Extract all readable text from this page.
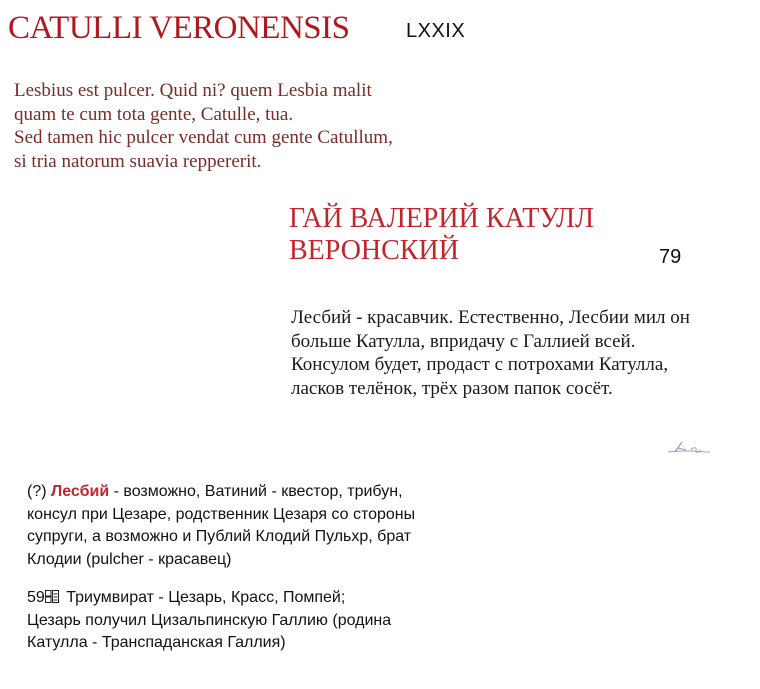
CATULLI VERONENSIS	LXXIX
Lesbius est pulcer. Quid ni? quem Lesbia malit
quam te cum tota gente, Catulle, tua.
Sed tamen hic pulcer vendat cum gente Catullum,
si tria natorum suavia reppererit.
ГАЙ ВАЛЕРИЙ КАТУЛЛ
ВЕРОНСКИЙ	79
Лесбий - красавчик. Естественно, Лесбии мил он
больше Катулла, впридачу с Галлией всей.
Консулом будет, продаст с потрохами Катулла,
ласков телёнок, трёх разом папок сосёт.
(?) Лесбий - возможно, Ватиний - квестор, трибун,
консул при Цезаре, родственник Цезаря со стороны
супруги, а возможно и Публий Клодий Пульхр, брат
Клодии (pulcher - красавец)
59 Триумвират - Цезарь, Красс, Помпей;
Цезарь получил Цизальпинскую Галлию (родина
Катулла - Транспаданская Галлия)
